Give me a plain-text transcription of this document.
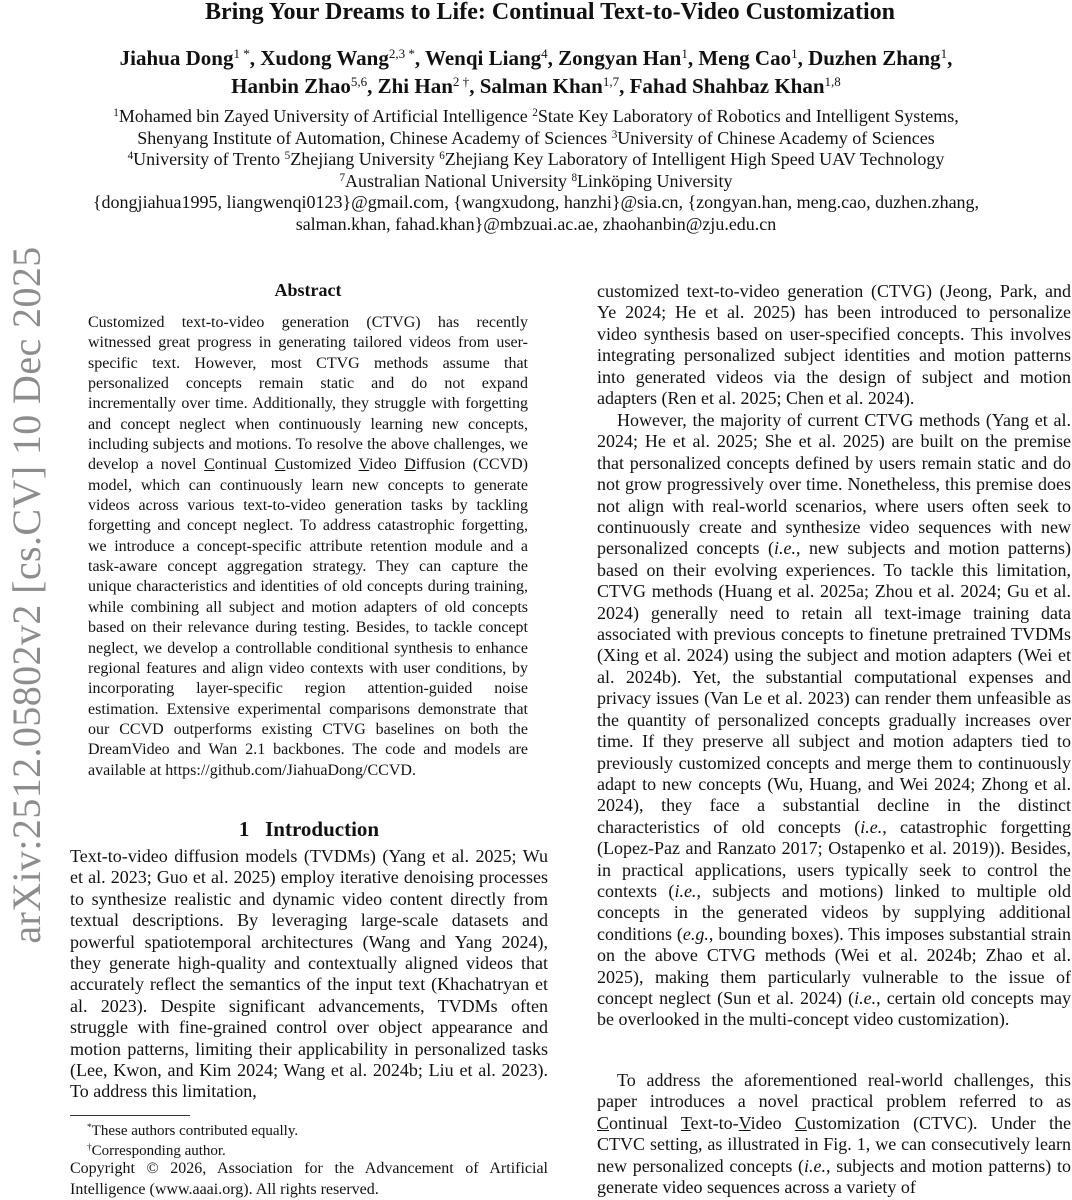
arXiv:2512.05802v2 [cs.CV] 10 Dec 2025
Bring Your Dreams to Life: Continual Text-to-Video Customization
Jiahua Dong$^{1 *}$, Xudong Wang$^{2,3 *}$, Wenqi Liang$^4$, Zongyan Han$^1$, Meng Cao$^1$, Duzhen Zhang$^1$,
Hanbin Zhao$^{5,6}$, Zhi Han$^{2 \dagger}$, Salman Khan$^{1,7}$, Fahad Shahbaz Khan$^{1,8}$
$^1$Mohamed bin Zayed University of Artificial Intelligence $^2$State Key Laboratory of Robotics and Intelligent Systems,
Shenyang Institute of Automation, Chinese Academy of Sciences $^3$University of Chinese Academy of Sciences
$^4$University of Trento $^5$Zhejiang University $^6$Zhejiang Key Laboratory of Intelligent High Speed UAV Technology
$^7$Australian National University $^8$Linköping University
{dongjiahua1995, liangwenqi0123}@gmail.com, {wangxudong, hanzhi}@sia.cn, {zongyan.han, meng.cao, duzhen.zhang,
salman.khan, fahad.khan}@mbzuai.ac.ae, zhaohanbin@zju.edu.cn
Abstract
Customized text-to-video generation (CTVG) has recently witnessed great progress in generating tailored videos from user-specific text. However, most CTVG methods assume that personalized concepts remain static and do not expand incrementally over time. Additionally, they struggle with forgetting and concept neglect when continuously learning new concepts, including subjects and motions. To resolve the above challenges, we develop a novel Continual Customized Video Diffusion (CCVD) model, which can continuously learn new concepts to generate videos across various text-to-video generation tasks by tackling forgetting and concept neglect. To address catastrophic forgetting, we introduce a concept-specific attribute retention module and a task-aware concept aggregation strategy. They can capture the unique characteristics and identities of old concepts during training, while combining all subject and motion adapters of old concepts based on their relevance during testing. Besides, to tackle concept neglect, we develop a controllable conditional synthesis to enhance regional features and align video contexts with user conditions, by incorporating layer-specific region attention-guided noise estimation. Extensive experimental comparisons demonstrate that our CCVD outperforms existing CTVG baselines on both the DreamVideo and Wan 2.1 backbones. The code and models are available at https://github.com/JiahuaDong/CCVD.
1 Introduction
Text-to-video diffusion models (TVDMs) (Yang et al. 2025; Wu et al. 2023; Guo et al. 2025) employ iterative denoising processes to synthesize realistic and dynamic video content directly from textual descriptions. By leveraging large-scale datasets and powerful spatiotemporal architectures (Wang and Yang 2024), they generate high-quality and contextually aligned videos that accurately reflect the semantics of the input text (Khachatryan et al. 2023). Despite significant advancements, TVDMs often struggle with fine-grained control over object appearance and motion patterns, limiting their applicability in personalized tasks (Lee, Kwon, and Kim 2024; Wang et al. 2024b; Liu et al. 2023). To address this limitation,
*These authors contributed equally.
†Corresponding author.
Copyright © 2026, Association for the Advancement of Artificial Intelligence (www.aaai.org). All rights reserved.
customized text-to-video generation (CTVG) (Jeong, Park, and Ye 2024; He et al. 2025) has been introduced to personalize video synthesis based on user-specified concepts. This involves integrating personalized subject identities and motion patterns into generated videos via the design of subject and motion adapters (Ren et al. 2025; Chen et al. 2024).
However, the majority of current CTVG methods (Yang et al. 2024; He et al. 2025; She et al. 2025) are built on the premise that personalized concepts defined by users remain static and do not grow progressively over time. Nonetheless, this premise does not align with real-world scenarios, where users often seek to continuously create and synthesize video sequences with new personalized concepts (i.e., new subjects and motion patterns) based on their evolving experiences. To tackle this limitation, CTVG methods (Huang et al. 2025a; Zhou et al. 2024; Gu et al. 2024) generally need to retain all text-image training data associated with previous concepts to finetune pretrained TVDMs (Xing et al. 2024) using the subject and motion adapters (Wei et al. 2024b). Yet, the substantial computational expenses and privacy issues (Van Le et al. 2023) can render them unfeasible as the quantity of personalized concepts gradually increases over time. If they preserve all subject and motion adapters tied to previously customized concepts and merge them to continuously adapt to new concepts (Wu, Huang, and Wei 2024; Zhong et al. 2024), they face a substantial decline in the distinct characteristics of old concepts (i.e., catastrophic forgetting (Lopez-Paz and Ranzato 2017; Ostapenko et al. 2019)). Besides, in practical applications, users typically seek to control the contexts (i.e., subjects and motions) linked to multiple old concepts in the generated videos by supplying additional conditions (e.g., bounding boxes). This imposes substantial strain on the above CTVG methods (Wei et al. 2024b; Zhao et al. 2025), making them particularly vulnerable to the issue of concept neglect (Sun et al. 2024) (i.e., certain old concepts may be overlooked in the multi-concept video customization).
To address the aforementioned real-world challenges, this paper introduces a novel practical problem referred to as Continual Text-to-Video Customization (CTVC). Under the CTVC setting, as illustrated in Fig. 1, we can consecutively learn new personalized concepts (i.e., subjects and motion patterns) to generate video sequences across a variety of
